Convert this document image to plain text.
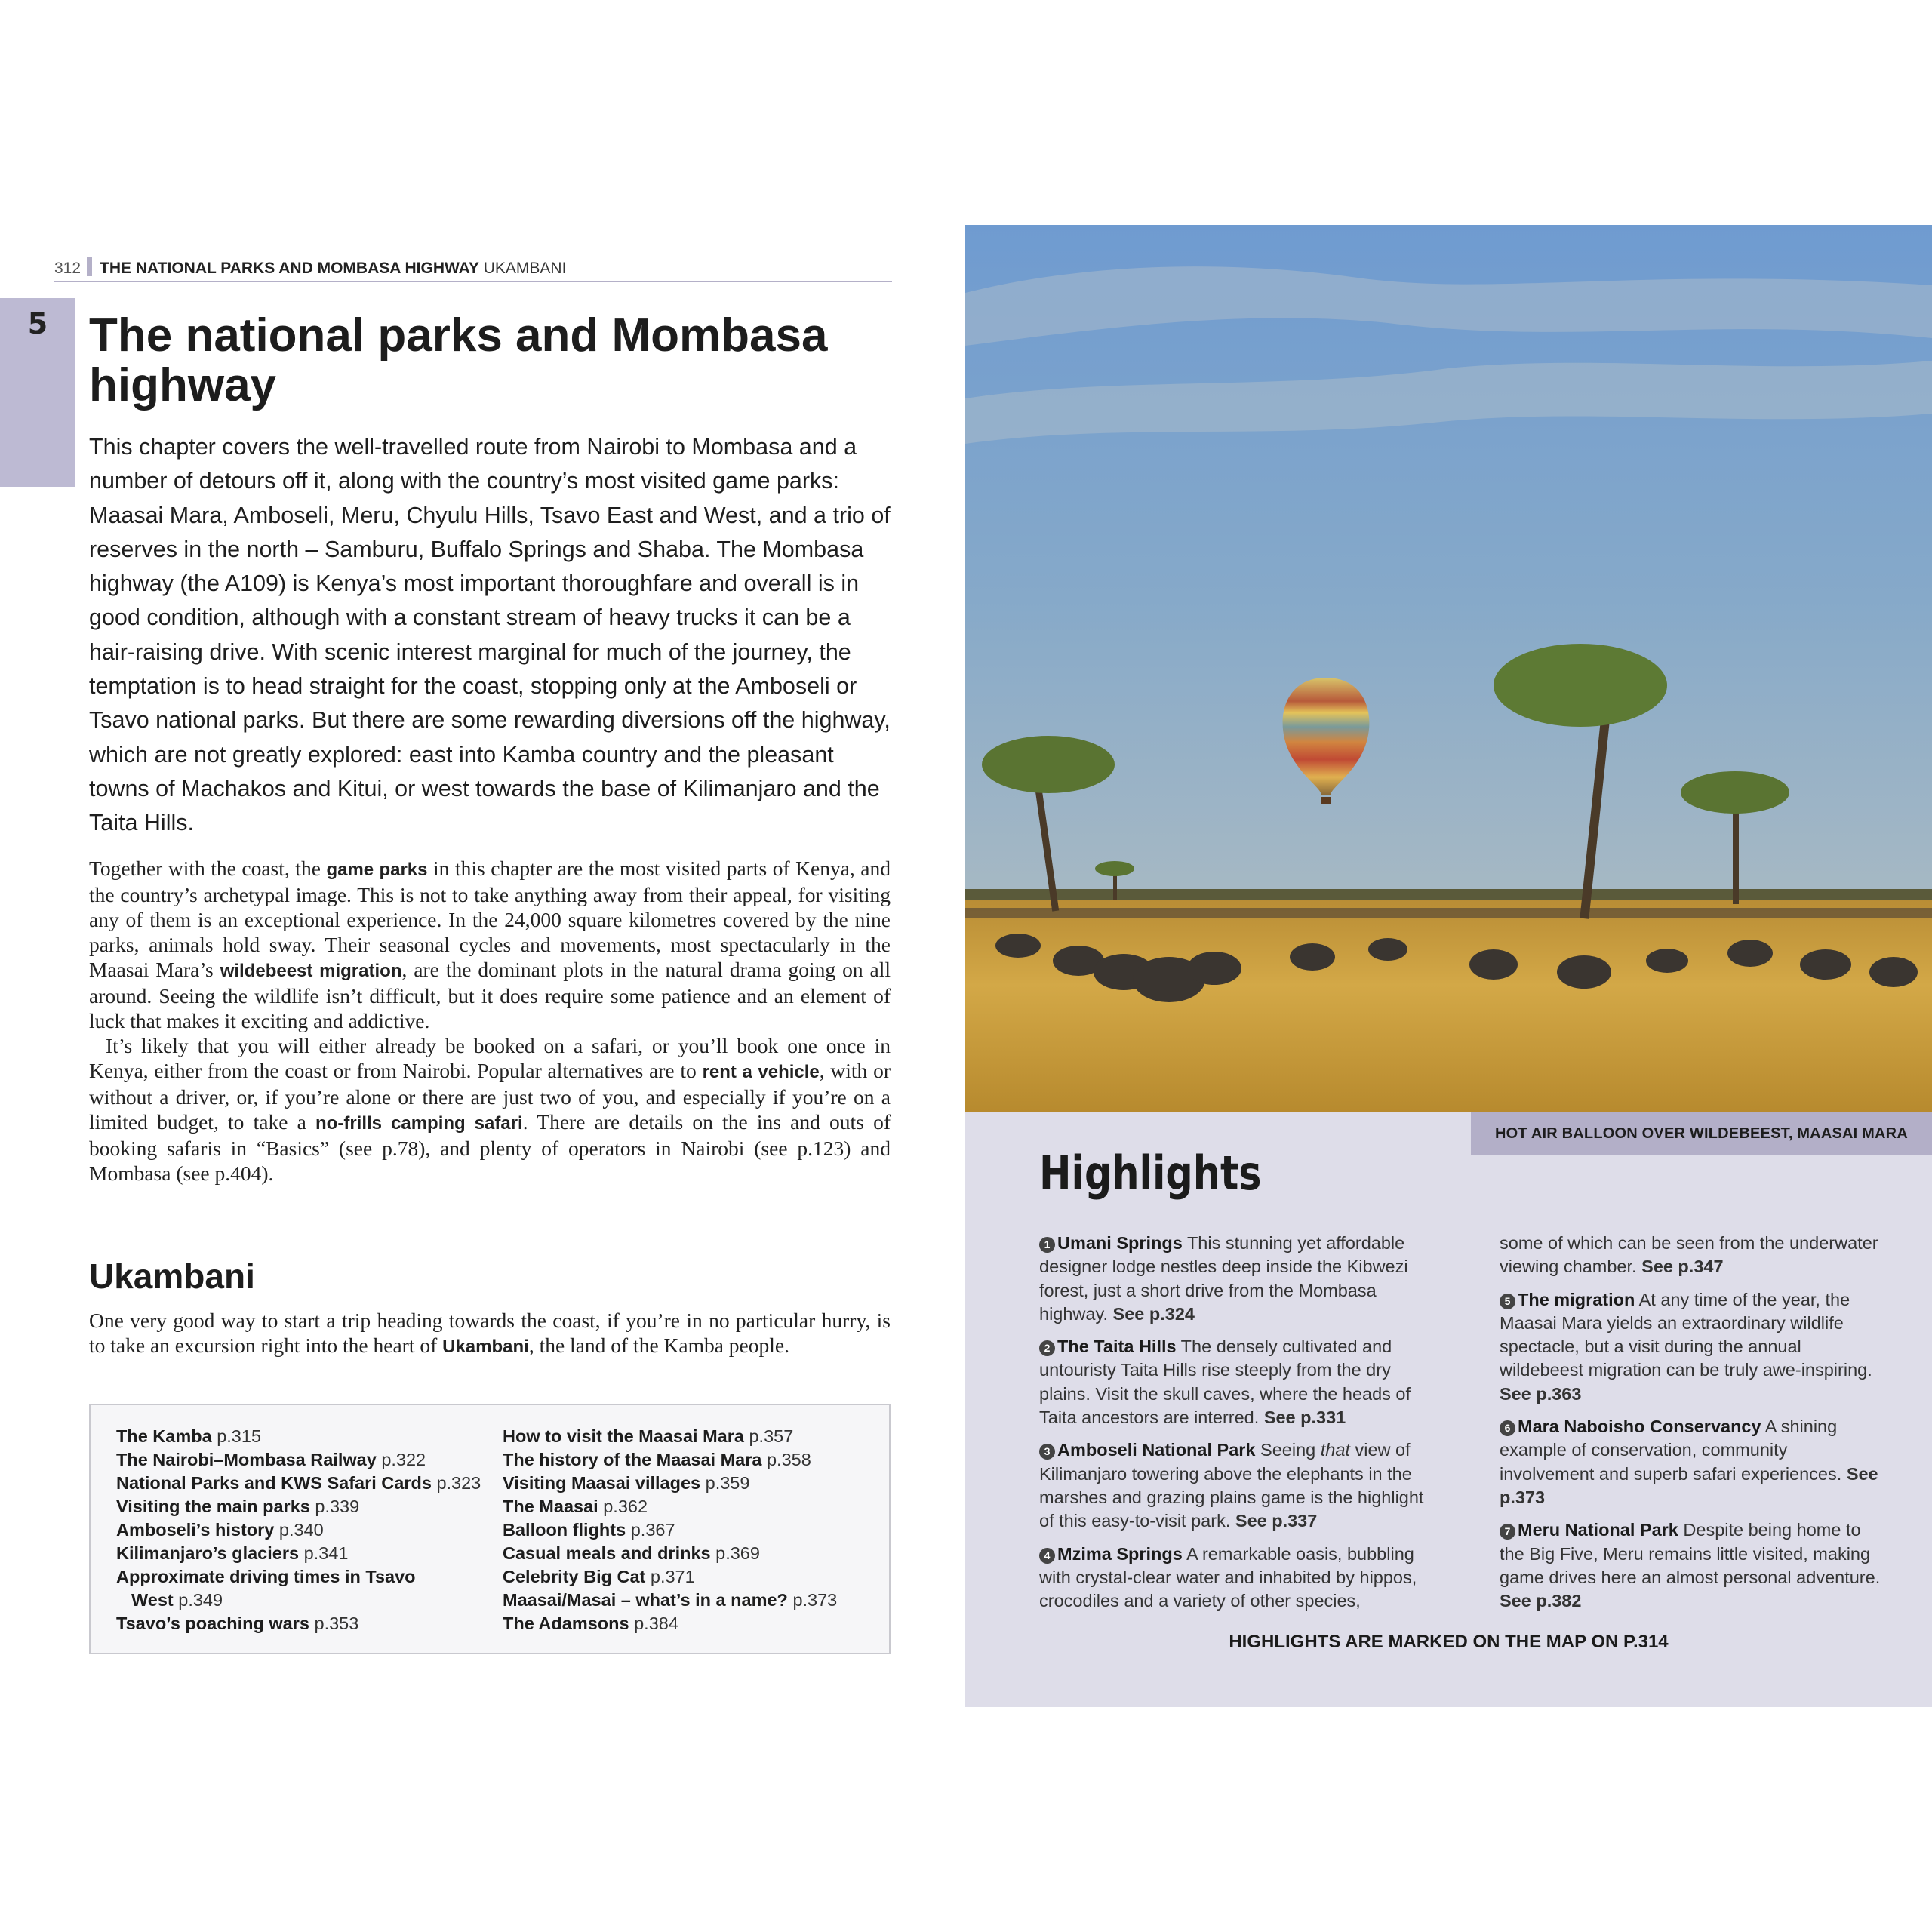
312 THE NATIONAL PARKS AND MOMBASA HIGHWAY UKAMBANI
5 The national parks and Mombasa highway

This chapter covers the well-travelled route from Nairobi to Mombasa and a number of detours off it, along with the country’s most visited game parks: Maasai Mara, Amboseli, Meru, Chyulu Hills, Tsavo East and West, and a trio of reserves in the north – Samburu, Buffalo Springs and Shaba. The Mombasa highway (the A109) is Kenya’s most important thoroughfare and overall is in good condition, although with a constant stream of heavy trucks it can be a hair-raising drive. With scenic interest marginal for much of the journey, the temptation is to head straight for the coast, stopping only at the Amboseli or Tsavo national parks. But there are some rewarding diversions off the highway, which are not greatly explored: east into Kamba country and the pleasant towns of Machakos and Kitui, or west towards the base of Kilimanjaro and the Taita Hills.

Together with the coast, the game parks in this chapter are the most visited parts of Kenya, and the country’s archetypal image. This is not to take anything away from their appeal, for visiting any of them is an exceptional experience. In the 24,000 square kilometres covered by the nine parks, animals hold sway. Their seasonal cycles and movements, most spectacularly in the Maasai Mara’s wildebeest migration, are the dominant plots in the natural drama going on all around. Seeing the wildlife isn’t difficult, but it does require some patience and an element of luck that makes it exciting and addictive.

It’s likely that you will either already be booked on a safari, or you’ll book one once in Kenya, either from the coast or from Nairobi. Popular alternatives are to rent a vehicle, with or without a driver, or, if you’re alone or there are just two of you, and especially if you’re on a limited budget, to take a no-frills camping safari. There are details on the ins and outs of booking safaris in “Basics” (see p.78), and plenty of operators in Nairobi (see p.123) and Mombasa (see p.404).

Ukambani

One very good way to start a trip heading towards the coast, if you’re in no particular hurry, is to take an excursion right into the heart of Ukambani, the land of the Kamba people.

The Kamba p.315
The Nairobi–Mombasa Railway p.322
National Parks and KWS Safari Cards p.323
Visiting the main parks p.339
Amboseli’s history p.340
Kilimanjaro’s glaciers p.341
Approximate driving times in Tsavo
West p.349
Tsavo’s poaching wars p.353
How to visit the Maasai Mara p.357
The history of the Maasai Mara p.358
Visiting Maasai villages p.359
The Maasai p.362
Balloon flights p.367
Casual meals and drinks p.369
Celebrity Big Cat p.371
Maasai/Masai – what’s in a name? p.373
The Adamsons p.384
HOT AIR BALLOON OVER WILDEBEEST, MAASAI MARA
Highlights

1 Umani Springs This stunning yet affordable designer lodge nestles deep inside the Kibwezi forest, just a short drive from the Mombasa highway. See p.324

2 The Taita Hills The densely cultivated and untouristy Taita Hills rise steeply from the dry plains. Visit the skull caves, where the heads of Taita ancestors are interred. See p.331

3 Amboseli National Park Seeing that view of Kilimanjaro towering above the elephants in the marshes and grazing plains game is the highlight of this easy-to-visit park. See p.337

4 Mzima Springs A remarkable oasis, bubbling with crystal-clear water and inhabited by hippos, crocodiles and a variety of other species,

some of which can be seen from the underwater viewing chamber. See p.347

5 The migration At any time of the year, the Maasai Mara yields an extraordinary wildlife spectacle, but a visit during the annual wildebeest migration can be truly awe-inspiring. See p.363

6 Mara Naboisho Conservancy A shining example of conservation, community involvement and superb safari experiences. See p.373

7 Meru National Park Despite being home to the Big Five, Meru remains little visited, making game drives here an almost personal adventure. See p.382

HIGHLIGHTS ARE MARKED ON THE MAP ON P.314
